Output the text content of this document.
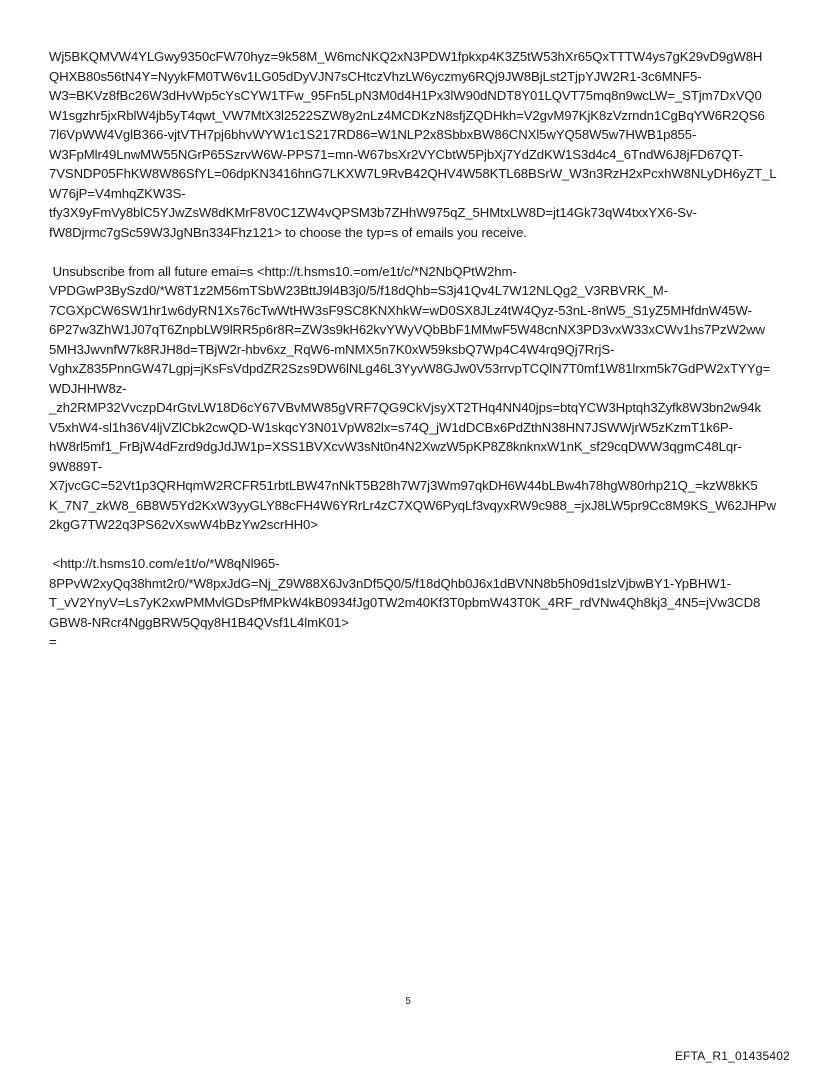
Wj5BKQMVW4YLGwy9350cFW70hyz=9k58M_W6mcNKQ2xN3PDW1fpkxp4K3Z5tW53hXr65QxTTTW4ys7gK29vD9gW8H
QHXB80s56tN4Y=NyykFM0TW6v1LG05dDyVJN7sCHtczVhzLW6yczmy6RQj9JW8BjLst2TjpYJW2R1-3c6MNF5-
W3=BKVz8fBc26W3dHvWp5cYsCYW1TFw_95Fn5LpN3M0d4H1Px3lW90dNDT8Y01LQVT75mq8n9wcLW=_STjm7DxVQ0
W1sgzhr5jxRblW4jb5yT4qwt_VW7MtX3l2522SZW8y2nLz4MCDKzN8sfjZQDHkh=V2gvM97KjK8zVzrndn1CgBqYW6R2QS6
7l6VpWW4VglB366-vjtVTH7pj6bhvWYW1c1S217RD86=W1NLP2x8SbbxBW86CNXl5wYQ58W5w7HWB1p855-
W3FpMlr49LnwMW55NGrP65SzrvW6W-PPS71=mn-W67bsXr2VYCbtW5PjbXj7YdZdKW1S3d4c4_6TndW6J8jFD67QT-
7VSNDP05FhKW8W86SfYL=06dpKN3416hnG7LKXW7L9RvB42QHV4W58KTL68BSrW_W3n3RzH2xPcxhW8NLyDH6yZT_L
W76jP=V4mhqZKW3S-
tfy3X9yFmVy8blC5YJwZsW8dKMrF8V0C1ZW4vQPSM3b7ZHhW975qZ_5HMtxLW8D=jt14Gk73qW4txxYX6-Sv-
fW8Djrmc7gSc59W3JgNBn334Fhz121> to choose the typ=s of emails you receive.
Unsubscribe from all future emai=s <http://t.hsms10.=om/e1t/c/*N2NbQPtW2hm-
VPDGwP3BySzd0/*W8T1z2M56mTSbW23BttJ9l4B3j0/5/f18dQhb=S3j41Qv4L7W12NLQg2_V3RBVRK_M-
7CGXpCW6SW1hr1w6dyRN1Xs76cTwWtHW3sF9SC8KNXhkW=wD0SX8JLz4tW4Qyz-53nL-8nW5_S1yZ5MHfdnW45W-
6P27w3ZhW1J07qT6ZnpbLW9lRR5p6r8R=ZW3s9kH62kvYWyVQbBbF1MMwF5W48cnNX3PD3vxW33xCWv1hs7PzW2ww
5MH3JwvnfW7k8RJH8d=TBjW2r-hbv6xz_RqW6-mNMX5n7K0xW59ksbQ7Wp4C4W4rq9Qj7RrjS-
VghxZ835PnnGW47Lgpj=jKsFsVdpdZR2Szs9DW6lNLg46L3YyvW8GJw0V53rrvpTCQlN7T0mf1W81lrxm5k7GdPW2xTYYg=
WDJHHW8z-
_zh2RMP32VvczpD4rGtvLW18D6cY67VBvMW85gVRF7QG9CkVjsyXT2THq4NN40jps=btqYCW3Hptqh3Zyfk8W3bn2w94k
V5xhW4-sl1h36V4ljVZlCbk2cwQD-W1skqcY3N01VpW82lx=s74Q_jW1dDCBx6PdZthN38HN7JSWWjrW5zKzmT1k6P-
hW8rl5mf1_FrBjW4dFzrd9dgJdJW1p=XSS1BVXcvW3sNt0n4N2XwzW5pKP8Z8knknxW1nK_sf29cqDWW3qgmC48Lqr-
9W889T-
X7jvcGC=52Vt1p3QRHqmW2RCFR51rbtLBW47nNkT5B28h7W7j3Wm97qkDH6W44bLBw4h78hgW80rhp21Q_=kzW8kK5
K_7N7_zkW8_6B8W5Yd2KxW3yyGLY88cFH4W6YRrLr4zC7XQW6PyqLf3vqyxRW9c988_=jxJ8LW5pr9Cc8M9KS_W62JHPw
2kgG7TW22q3PS62vXswW4bBzYw2scrHH0>
<http://t.hsms10.com/e1t/o/*W8qNl965-
8PPvW2xyQq38hmt2r0/*W8pxJdG=Nj_Z9W88X6Jv3nDf5Q0/5/f18dQhb0J6x1dBVNN8b5h09d1slzVjbwBY1-YpBHW1-
T_vV2YnyV=Ls7yK2xwPMMvlGDsPfMPkW4kB0934fJg0TW2m40Kf3T0pbmW43T0K_4RF_rdVNw4Qh8kj3_4N5=jVw3CD8
GBW8-NRcr4NggBRW5Qqy8H1B4QVsf1L4lmK01>
=
5
EFTA_R1_01435402
